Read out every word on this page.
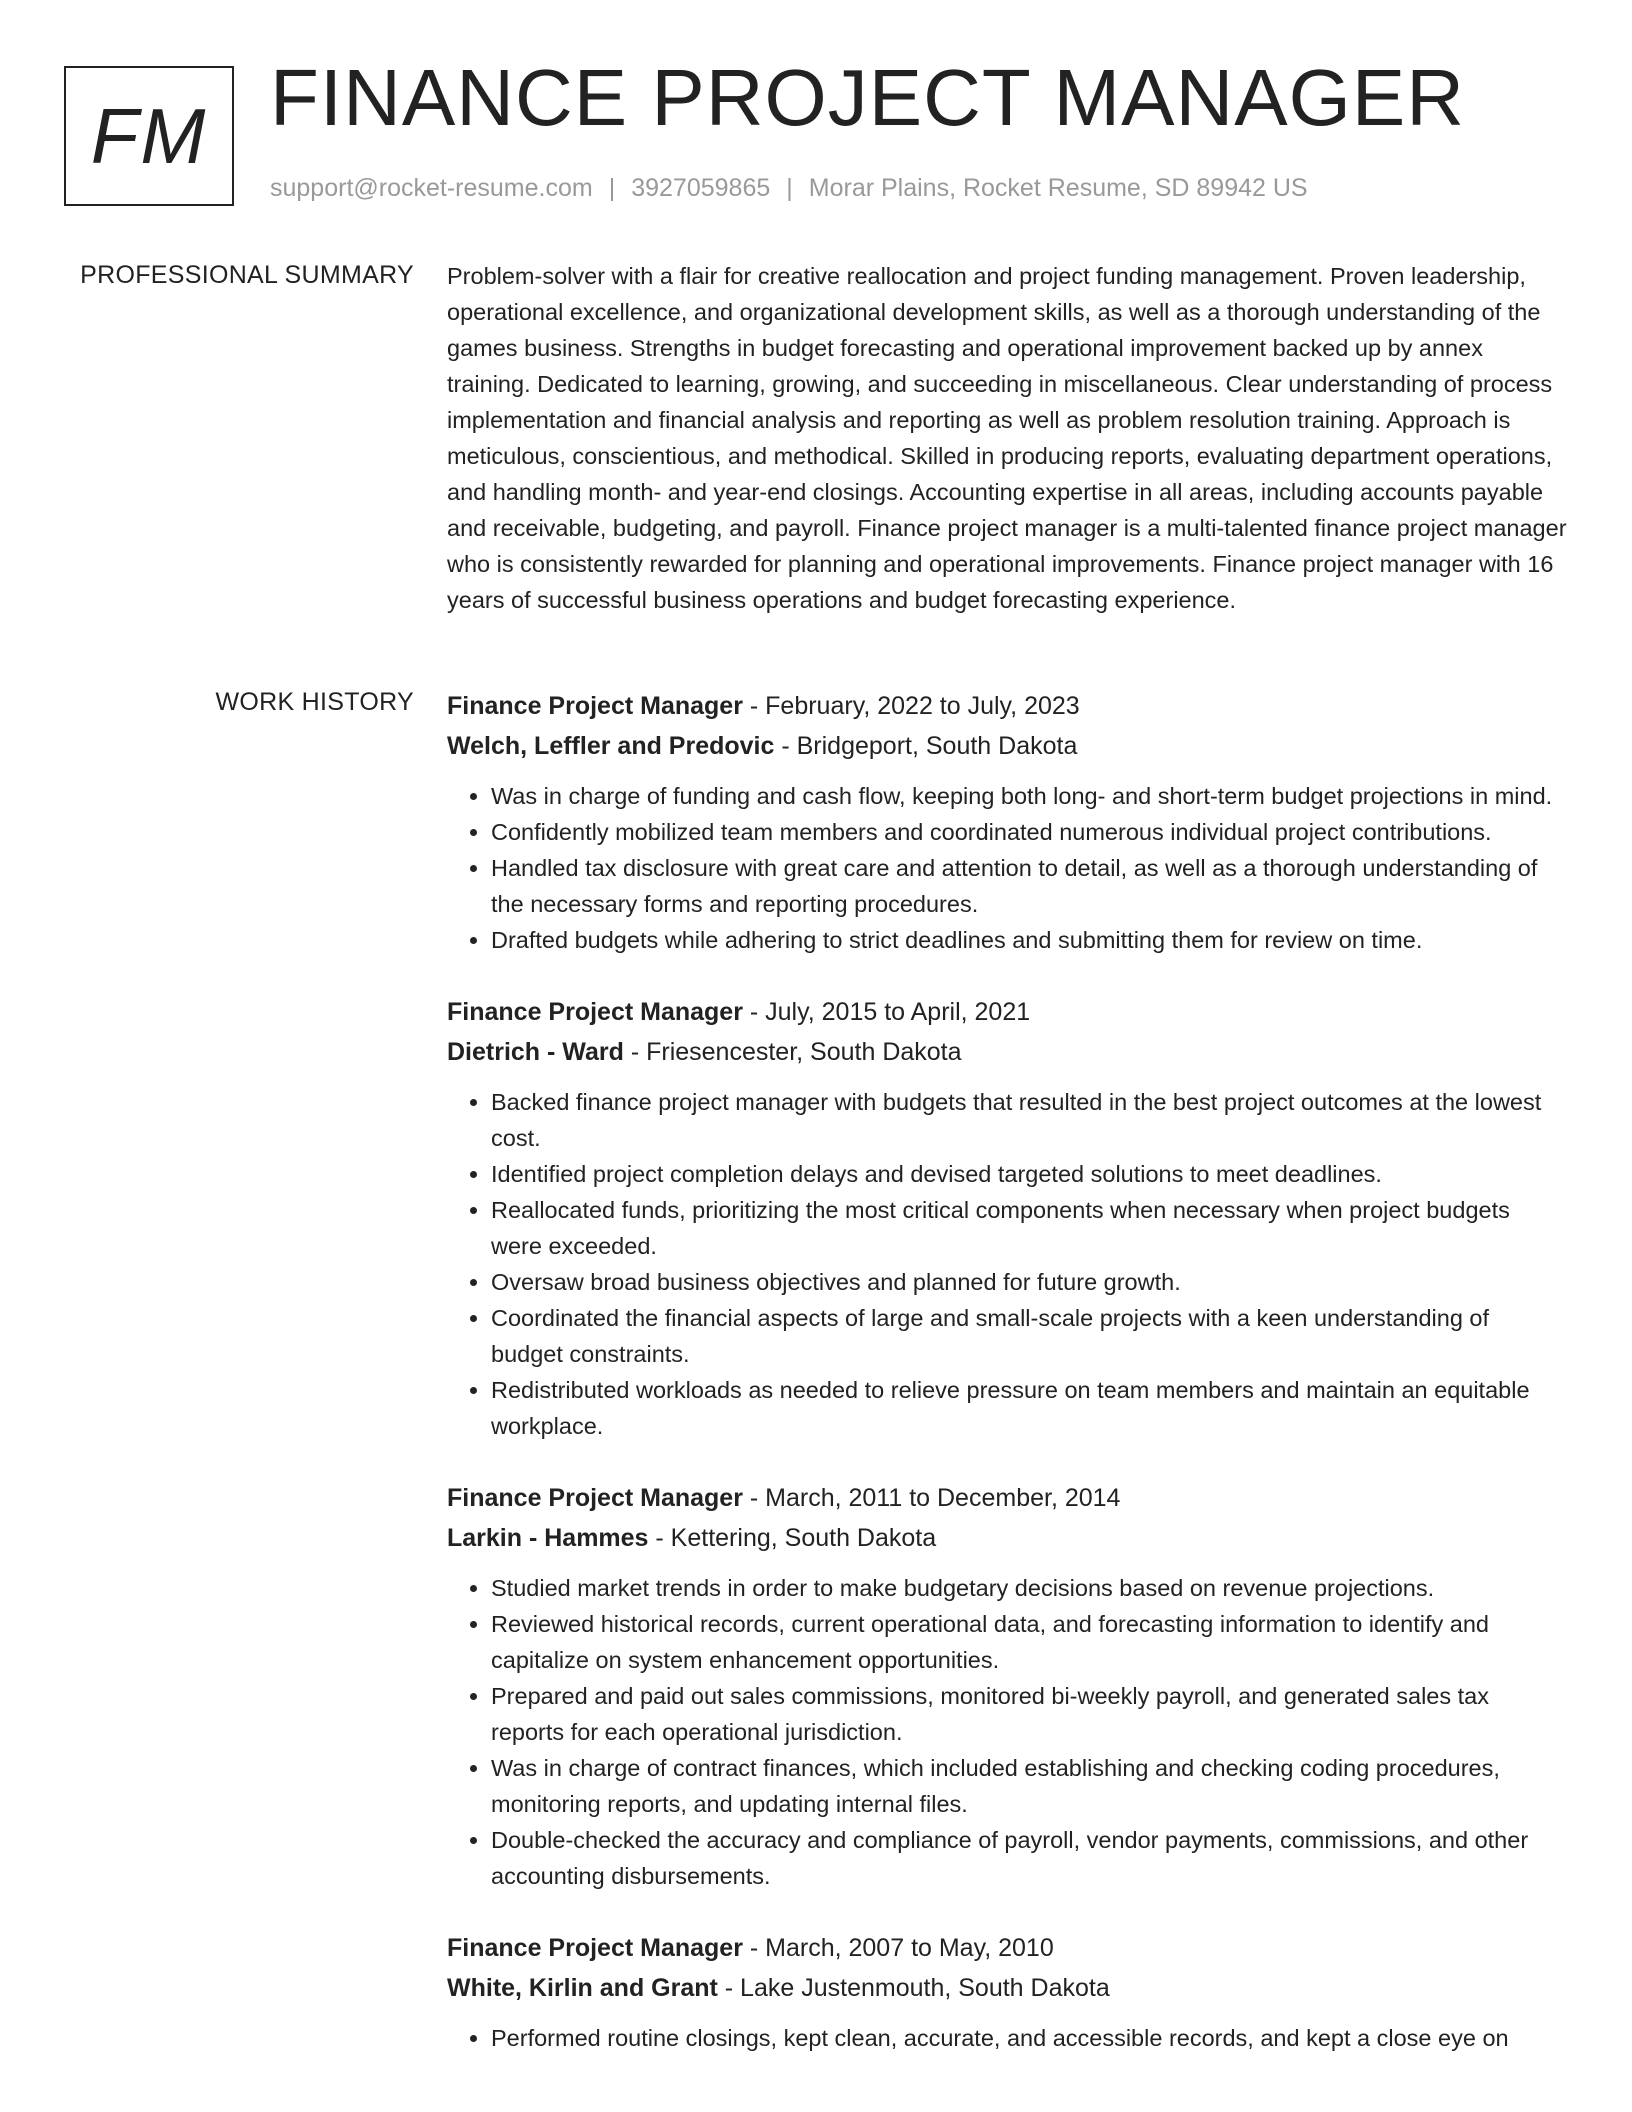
FM FINANCE PROJECT MANAGER
support@rocket-resume.com | 3927059865 | Morar Plains, Rocket Resume, SD 89942 US
PROFESSIONAL SUMMARY Problem-solver with a flair for creative reallocation and project funding management. Proven leadership, operational excellence, and organizational development skills, as well as a thorough understanding of the games business. Strengths in budget forecasting and operational improvement backed up by annex training. Dedicated to learning, growing, and succeeding in miscellaneous. Clear understanding of process implementation and financial analysis and reporting as well as problem resolution training. Approach is meticulous, conscientious, and methodical. Skilled in producing reports, evaluating department operations, and handling month- and year-end closings. Accounting expertise in all areas, including accounts payable and receivable, budgeting, and payroll. Finance project manager is a multi-talented finance project manager who is consistently rewarded for planning and operational improvements. Finance project manager with 16 years of successful business operations and budget forecasting experience.
WORK HISTORY Finance Project Manager - February, 2022 to July, 2023
Welch, Leffler and Predovic - Bridgeport, South Dakota
• Was in charge of funding and cash flow, keeping both long- and short-term budget projections in mind.
• Confidently mobilized team members and coordinated numerous individual project contributions.
• Handled tax disclosure with great care and attention to detail, as well as a thorough understanding of the necessary forms and reporting procedures.
• Drafted budgets while adhering to strict deadlines and submitting them for review on time.
Finance Project Manager - July, 2015 to April, 2021
Dietrich - Ward - Friesencester, South Dakota
• Backed finance project manager with budgets that resulted in the best project outcomes at the lowest cost.
• Identified project completion delays and devised targeted solutions to meet deadlines.
• Reallocated funds, prioritizing the most critical components when necessary when project budgets were exceeded.
• Oversaw broad business objectives and planned for future growth.
• Coordinated the financial aspects of large and small-scale projects with a keen understanding of budget constraints.
• Redistributed workloads as needed to relieve pressure on team members and maintain an equitable workplace.
Finance Project Manager - March, 2011 to December, 2014
Larkin - Hammes - Kettering, South Dakota
• Studied market trends in order to make budgetary decisions based on revenue projections.
• Reviewed historical records, current operational data, and forecasting information to identify and capitalize on system enhancement opportunities.
• Prepared and paid out sales commissions, monitored bi-weekly payroll, and generated sales tax reports for each operational jurisdiction.
• Was in charge of contract finances, which included establishing and checking coding procedures, monitoring reports, and updating internal files.
• Double-checked the accuracy and compliance of payroll, vendor payments, commissions, and other accounting disbursements.
Finance Project Manager - March, 2007 to May, 2010
White, Kirlin and Grant - Lake Justenmouth, South Dakota
• Performed routine closings, kept clean, accurate, and accessible records, and kept a close eye on
